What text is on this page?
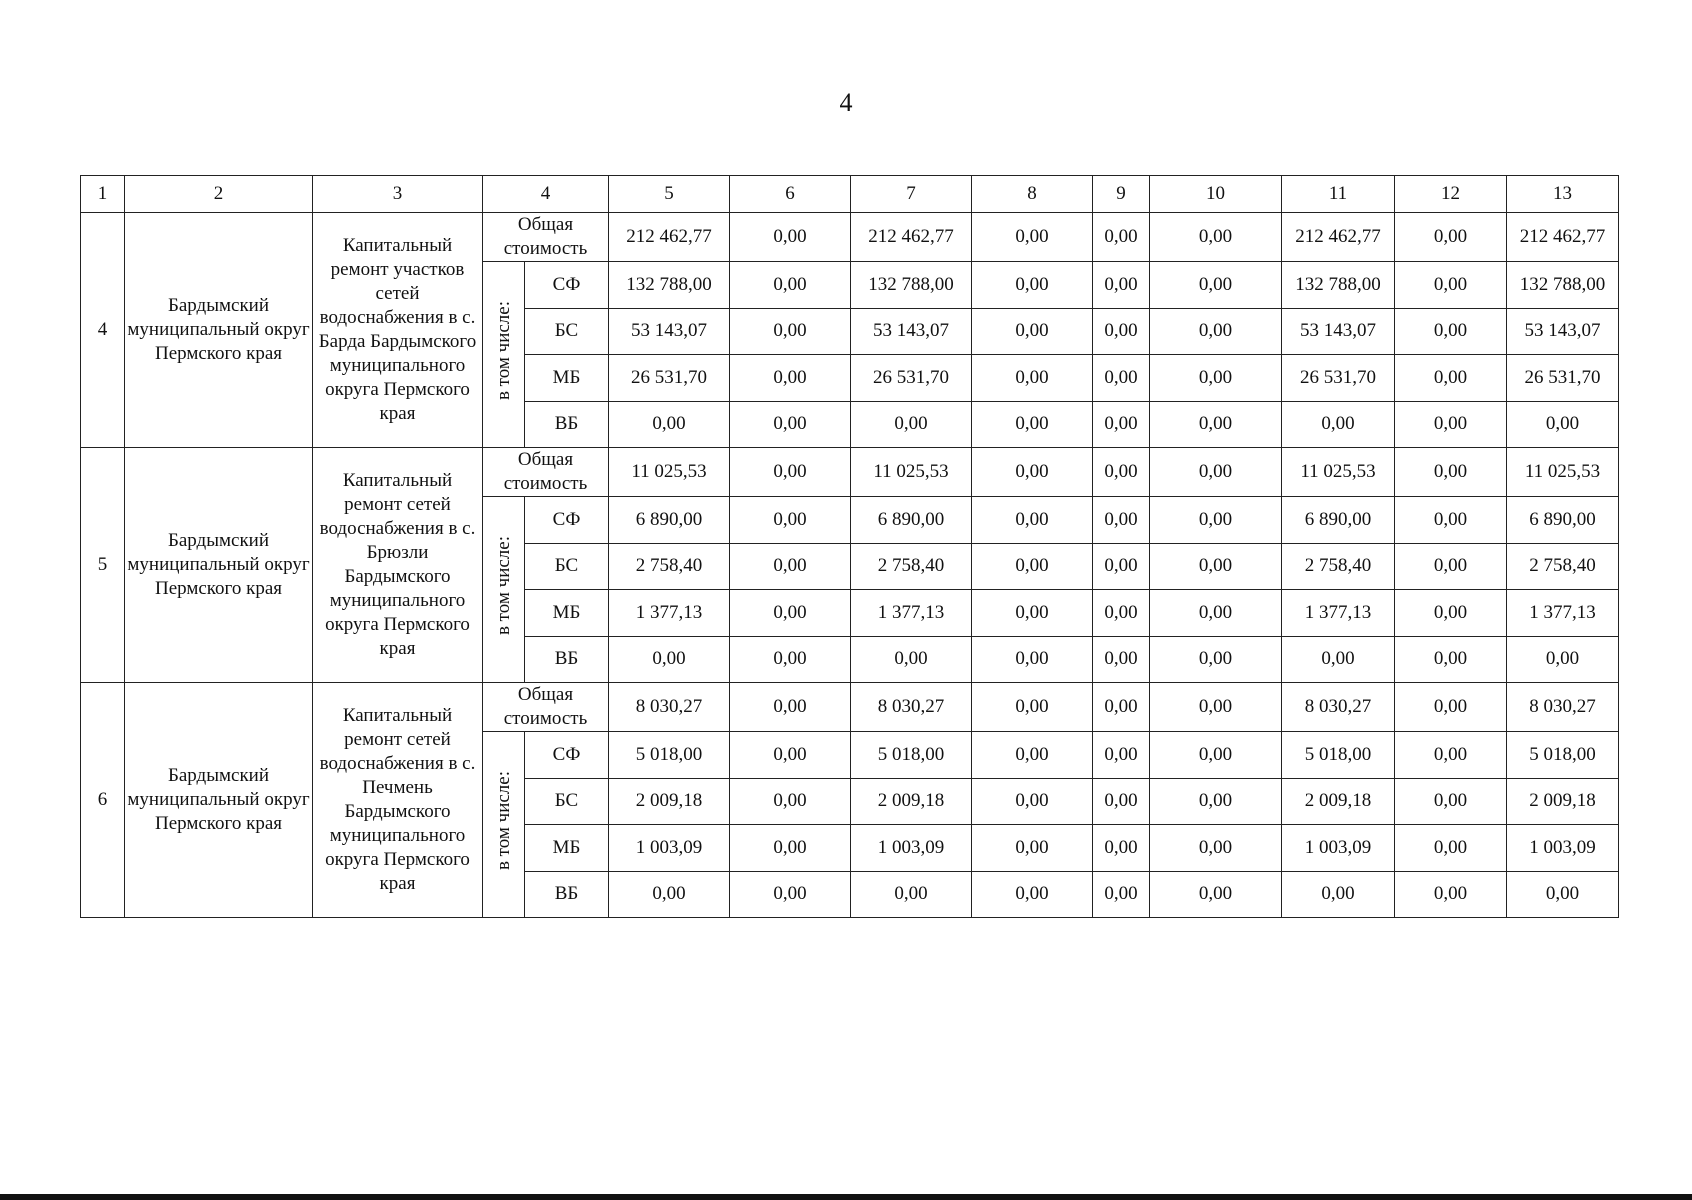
4
1	2	3	4		5	6	7	8	9	10	11	12	13
4	Бардымский муниципальный округ Пермского края	Капитальный ремонт участков сетей водоснабжения в с. Барда Бардымского муниципального округа Пермского края	Общая стоимость		212 462,77	0,00	212 462,77	0,00	0,00	0,00	212 462,77	0,00	212 462,77
			в том числе:	СФ	132 788,00	0,00	132 788,00	0,00	0,00	0,00	132 788,00	0,00	132 788,00
				БС	53 143,07	0,00	53 143,07	0,00	0,00	0,00	53 143,07	0,00	53 143,07
				МБ	26 531,70	0,00	26 531,70	0,00	0,00	0,00	26 531,70	0,00	26 531,70
				ВБ	0,00	0,00	0,00	0,00	0,00	0,00	0,00	0,00	0,00
5	Бардымский муниципальный округ Пермского края	Капитальный ремонт сетей водоснабжения в с. Брюзли Бардымского муниципального округа Пермского края	Общая стоимость		11 025,53	0,00	11 025,53	0,00	0,00	0,00	11 025,53	0,00	11 025,53
			в том числе:	СФ	6 890,00	0,00	6 890,00	0,00	0,00	0,00	6 890,00	0,00	6 890,00
				БС	2 758,40	0,00	2 758,40	0,00	0,00	0,00	2 758,40	0,00	2 758,40
				МБ	1 377,13	0,00	1 377,13	0,00	0,00	0,00	1 377,13	0,00	1 377,13
				ВБ	0,00	0,00	0,00	0,00	0,00	0,00	0,00	0,00	0,00
6	Бардымский муниципальный округ Пермского края	Капитальный ремонт сетей водоснабжения в с. Печмень Бардымского муниципального округа Пермского края	Общая стоимость		8 030,27	0,00	8 030,27	0,00	0,00	0,00	8 030,27	0,00	8 030,27
			в том числе:	СФ	5 018,00	0,00	5 018,00	0,00	0,00	0,00	5 018,00	0,00	5 018,00
				БС	2 009,18	0,00	2 009,18	0,00	0,00	0,00	2 009,18	0,00	2 009,18
				МБ	1 003,09	0,00	1 003,09	0,00	0,00	0,00	1 003,09	0,00	1 003,09
				ВБ	0,00	0,00	0,00	0,00	0,00	0,00	0,00	0,00	0,00
